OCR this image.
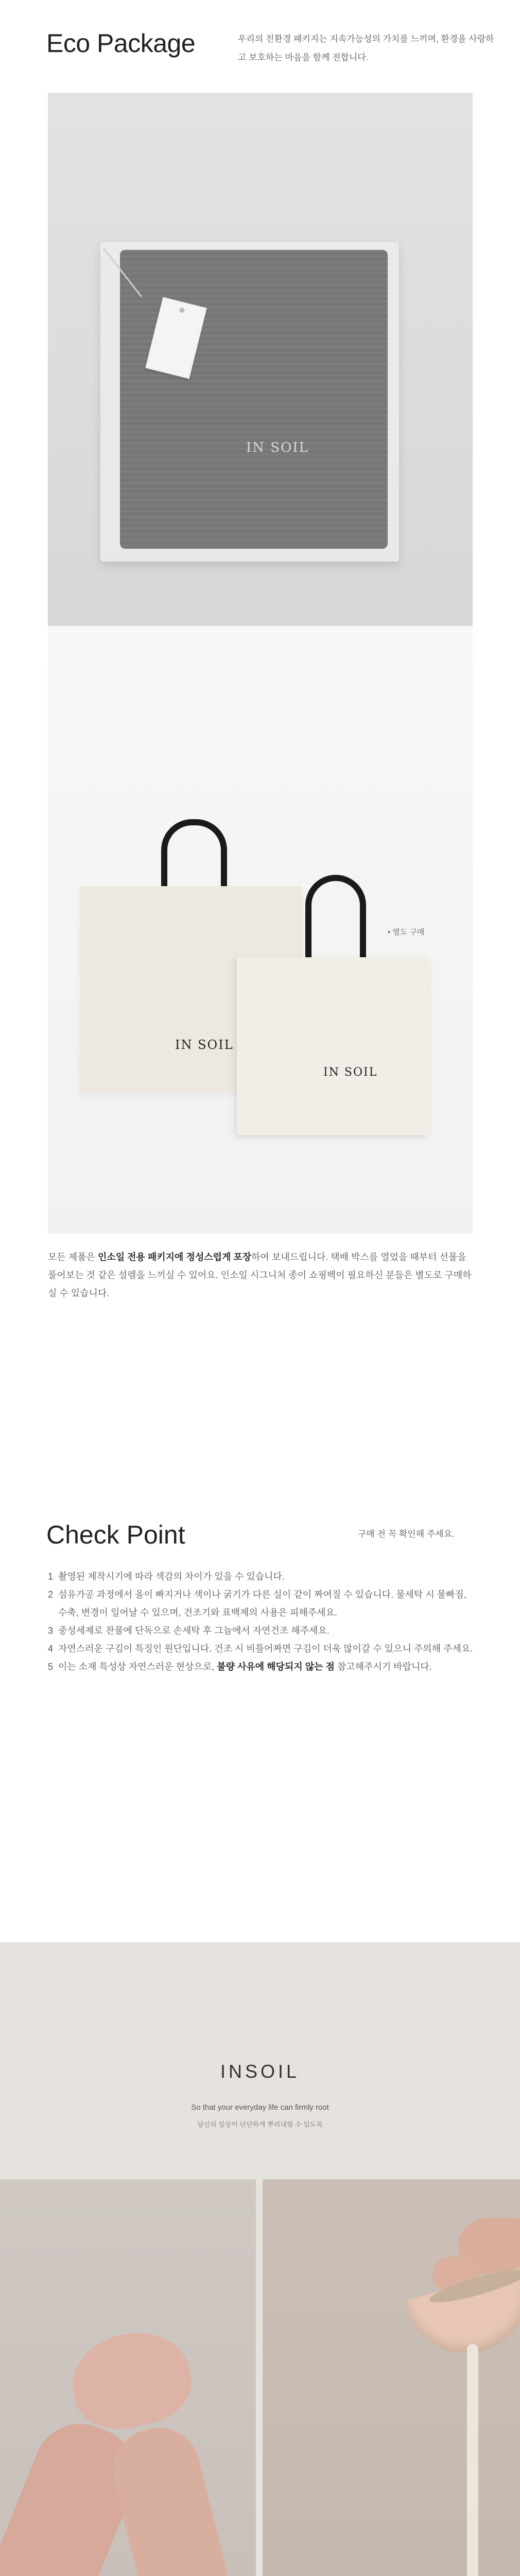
Eco Package	우리의 친환경 패키지는 지속가능성의 가치를 느끼며, 환경을 사랑하고 보호하는 마음을 함께 전합니다.
IN SOIL
IN SOIL
IN SOIL
• 별도 구매

모든 제품은 인소일 전용 패키지에 정성스럽게 포장하여 보내드립니다. 택배 박스를 열었을 때부터 선물을 풀어보는 것 같은 설렘을 느끼실 수 있어요. 인소일 시그니처 종이 쇼핑백이 필요하신 분들은 별도로 구매하실 수 있습니다.

Check Point	구매 전 꼭 확인해 주세요.
1 촬영된 제작시기에 따라 색감의 차이가 있을 수 있습니다.
2 섬유가공 과정에서 올이 빠지거나 색이나 굵기가 다른 실이 같이 짜여질 수 있습니다. 물세탁 시 물빠짐, 수축, 변경이 일어날 수 있으며, 건조기와 표백제의 사용은 피해주세요.
3 중성세제로 찬물에 단독으로 손세탁 후 그늘에서 자연건조 해주세요.
4 자연스러운 구김이 특징인 원단입니다. 건조 시 비틀어짜면 구김이 더욱 많이갈 수 있으니 주의해 주세요.
5 이는 소재 특성상 자연스러운 현상으로, 불량 사유에 해당되지 않는 점 참고해주시기 바랍니다.
INSOIL
So that your everyday life can firmly root
당신의 일상이 단단하게 뿌리내릴 수 있도록
